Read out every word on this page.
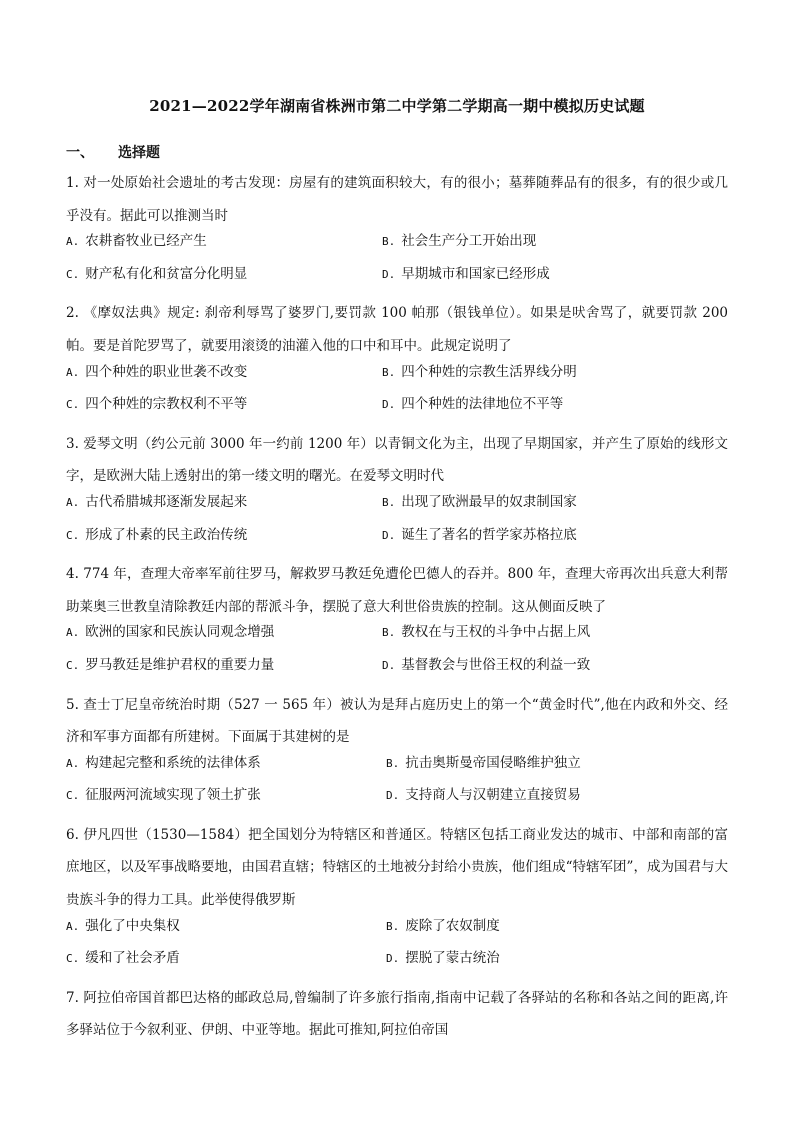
2021—2022学年湖南省株洲市第二中学第二学期高一期中模拟历史试题
一、 选择题
1. 对一处原始社会遗址的考古发现：房屋有的建筑面积较大，有的很小；墓葬随葬品有的很多，有的很少或几乎没有。据此可以推测当时
A. 农耕畜牧业已经产生	B. 社会生产分工开始出现
C. 财产私有化和贫富分化明显	D. 早期城市和国家已经形成
2. 《摩奴法典》规定: 刹帝利辱骂了婆罗门,要罚款 100 帕那（银钱单位）。如果是吠舍骂了，就要罚款 200 帕。要是首陀罗骂了，就要用滚烫的油灌入他的口中和耳中。此规定说明了
A. 四个种姓的职业世袭不改变	B. 四个种姓的宗教生活界线分明
C. 四个种姓的宗教权利不平等	D. 四个种姓的法律地位不平等
3. 爱琴文明（约公元前 3000 年一约前 1200 年）以青铜文化为主，出现了早期国家，并产生了原始的线形文字，是欧洲大陆上透射出的第一缕文明的曙光。在爱琴文明时代
A. 古代希腊城邦逐渐发展起来	B. 出现了欧洲最早的奴隶制国家
C. 形成了朴素的民主政治传统	D. 诞生了著名的哲学家苏格拉底
4. 774 年，查理大帝率军前往罗马，解救罗马教廷免遭伦巴德人的吞并。800 年，查理大帝再次出兵意大利帮助莱奥三世教皇清除教廷内部的帮派斗争，摆脱了意大利世俗贵族的控制。这从侧面反映了
A. 欧洲的国家和民族认同观念增强	B. 教权在与王权的斗争中占据上风
C. 罗马教廷是维护君权的重要力量	D. 基督教会与世俗王权的利益一致
5. 查士丁尼皇帝统治时期（527 一 565 年）被认为是拜占庭历史上的第一个“黄金时代”,他在内政和外交、经济和军事方面都有所建树。下面属于其建树的是
A. 构建起完整和系统的法律体系	B. 抗击奥斯曼帝国侵略维护独立
C. 征服两河流域实现了领土扩张	D. 支持商人与汉朝建立直接贸易
6. 伊凡四世（1530—1584）把全国划分为特辖区和普通区。特辖区包括工商业发达的城市、中部和南部的富庶地区，以及军事战略要地，由国君直辖；特辖区的土地被分封给小贵族，他们组成“特辖军团”，成为国君与大贵族斗争的得力工具。此举使得俄罗斯
A. 强化了中央集权	B. 废除了农奴制度
C. 缓和了社会矛盾	D. 摆脱了蒙古统治
7. 阿拉伯帝国首都巴达格的邮政总局,曾编制了许多旅行指南,指南中记载了各驿站的名称和各站之间的距离,许多驿站位于今叙利亚、伊朗、中亚等地。据此可推知,阿拉伯帝国
